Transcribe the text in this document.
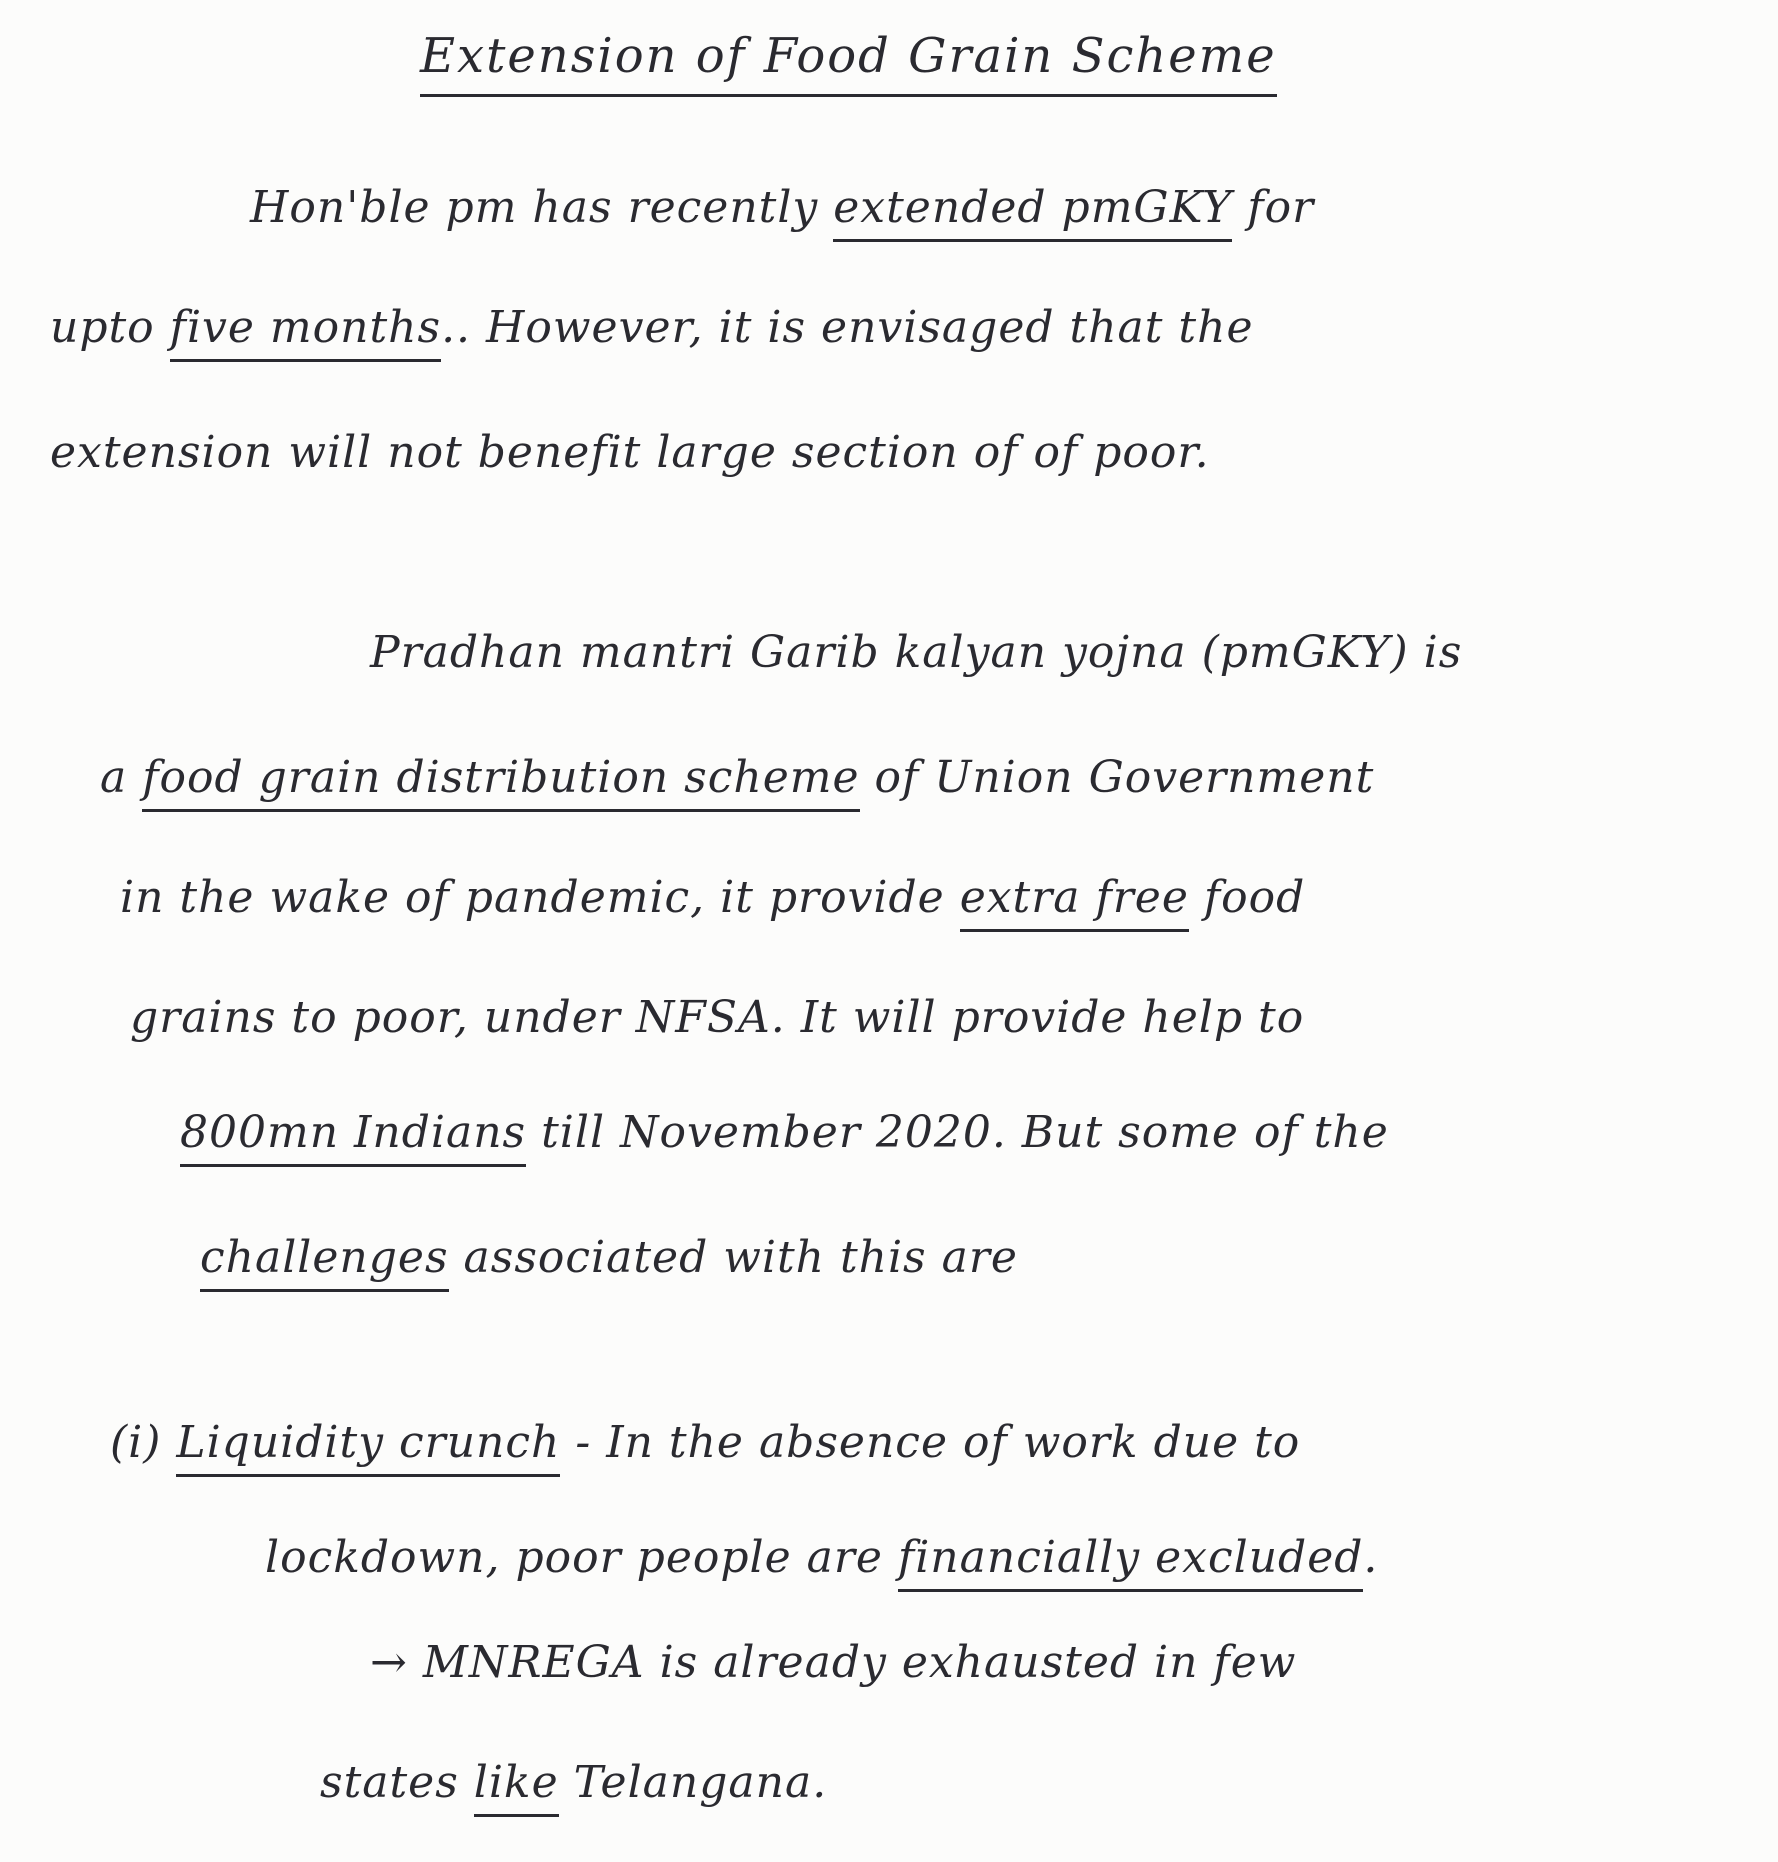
Extension of Food Grain Scheme
Hon'ble pm has recently extended pmGKY for
upto five months.. However, it is envisaged that the
extension will not benefit large section of of poor.
Pradhan mantri Garib kalyan yojna (pmGKY) is
a food grain distribution scheme of Union Government
in the wake of pandemic, it provide extra free food
grains to poor, under NFSA. It will provide help to
800mn Indians till November 2020. But some of the
challenges associated with this are
(i) Liquidity crunch - In the absence of work due to
lockdown, poor people are financially excluded.
→ MNREGA is already exhausted in few
states like Telangana.
